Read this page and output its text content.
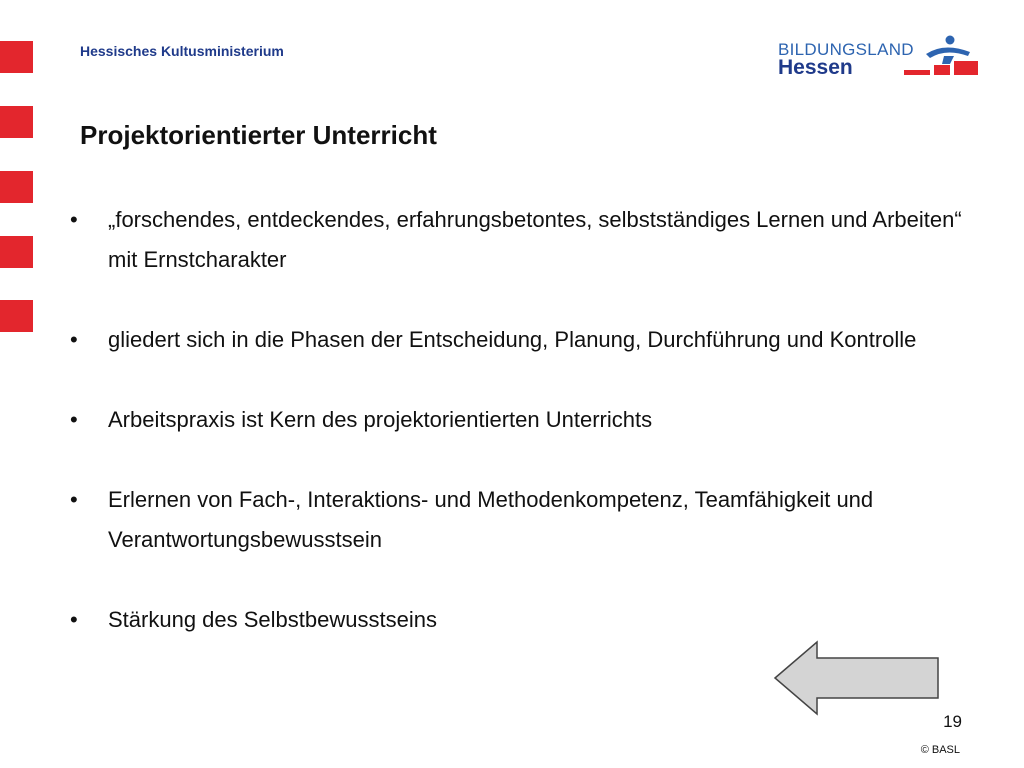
Hessisches Kultusministerium	BILDUNGSLAND
Hessen
Projektorientierter Unterricht
• „forschendes, entdeckendes, erfahrungsbetontes, selbstständiges Lernen und Arbeiten“ mit Ernstcharakter
• gliedert sich in die Phasen der Entscheidung, Planung, Durchführung und Kontrolle
• Arbeitspraxis ist Kern des projektorientierten Unterrichts
• Erlernen von Fach-, Interaktions- und Methodenkompetenz, Teamfähigkeit und Verantwortungsbewusstsein
• Stärkung des Selbstbewusstseins
19
© BASL
